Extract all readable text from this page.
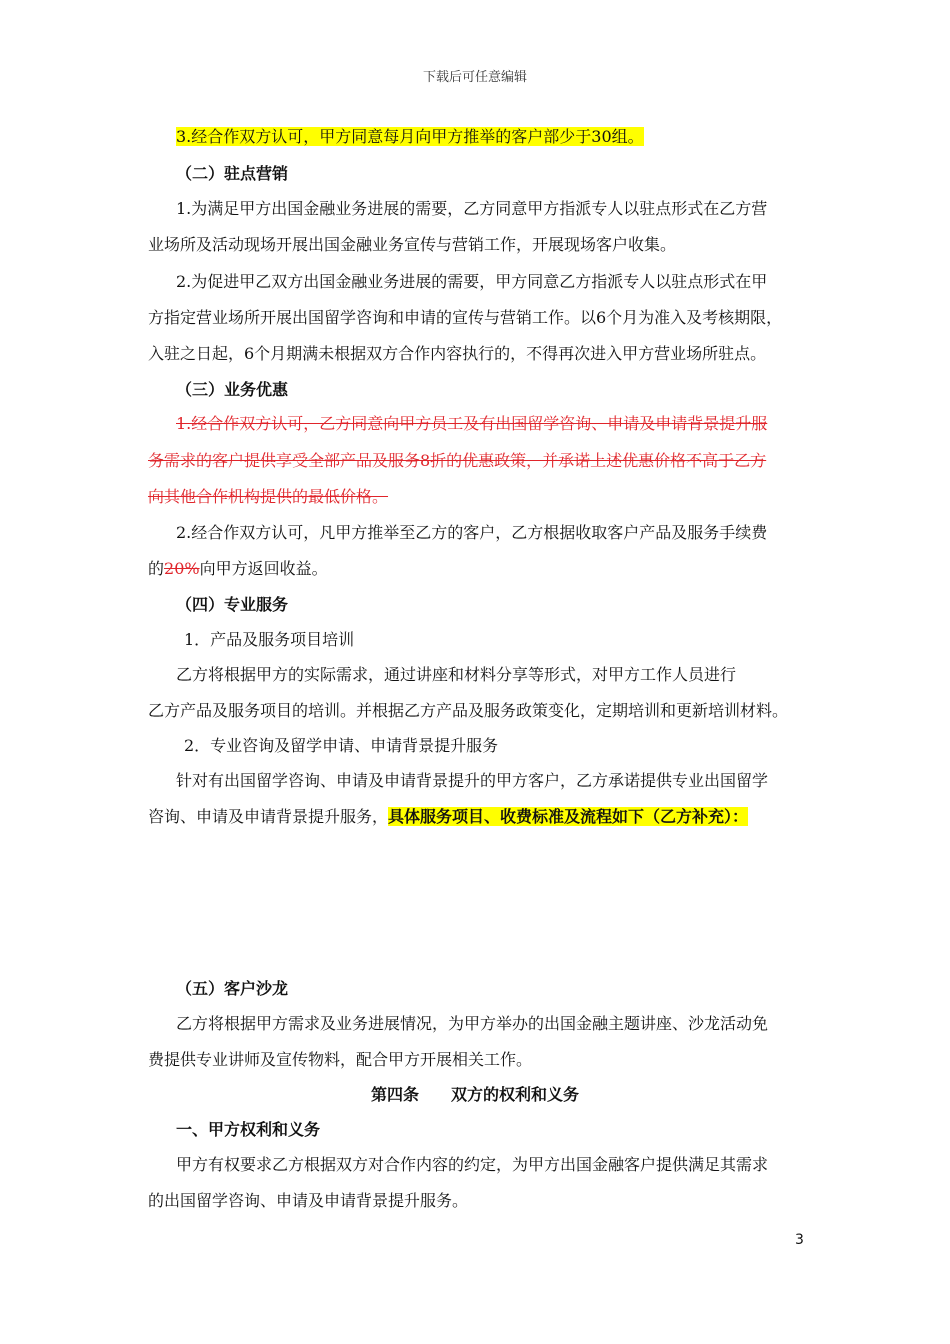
下载后可任意编辑
3.经合作双方认可，甲方同意每月向甲方推举的客户部少于30组。
（二）驻点营销
1.为满足甲方出国金融业务进展的需要，乙方同意甲方指派专人以驻点形式在乙方营
业场所及活动现场开展出国金融业务宣传与营销工作，开展现场客户收集。
2.为促进甲乙双方出国金融业务进展的需要，甲方同意乙方指派专人以驻点形式在甲
方指定营业场所开展出国留学咨询和申请的宣传与营销工作。以6个月为准入及考核期限，
入驻之日起，6个月期满未根据双方合作内容执行的，不得再次进入甲方营业场所驻点。
（三）业务优惠
1.经合作双方认可，乙方同意向甲方员工及有出国留学咨询、申请及申请背景提升服
务需求的客户提供享受全部产品及服务8折的优惠政策，并承诺上述优惠价格不高于乙方
向其他合作机构提供的最低价格。
2.经合作双方认可，凡甲方推举至乙方的客户，乙方根据收取客户产品及服务手续费
的20%向甲方返回收益。
（四）专业服务
1．产品及服务项目培训
乙方将根据甲方的实际需求，通过讲座和材料分享等形式，对甲方工作人员进行
乙方产品及服务项目的培训。并根据乙方产品及服务政策变化，定期培训和更新培训材料。
2．专业咨询及留学申请、申请背景提升服务
针对有出国留学咨询、申请及申请背景提升的甲方客户，乙方承诺提供专业出国留学
咨询、申请及申请背景提升服务，具体服务项目、收费标准及流程如下（乙方补充）：
（五）客户沙龙
乙方将根据甲方需求及业务进展情况，为甲方举办的出国金融主题讲座、沙龙活动免
费提供专业讲师及宣传物料，配合甲方开展相关工作。
第四条　　双方的权利和义务
一、甲方权利和义务
甲方有权要求乙方根据双方对合作内容的约定，为甲方出国金融客户提供满足其需求
的出国留学咨询、申请及申请背景提升服务。
3
